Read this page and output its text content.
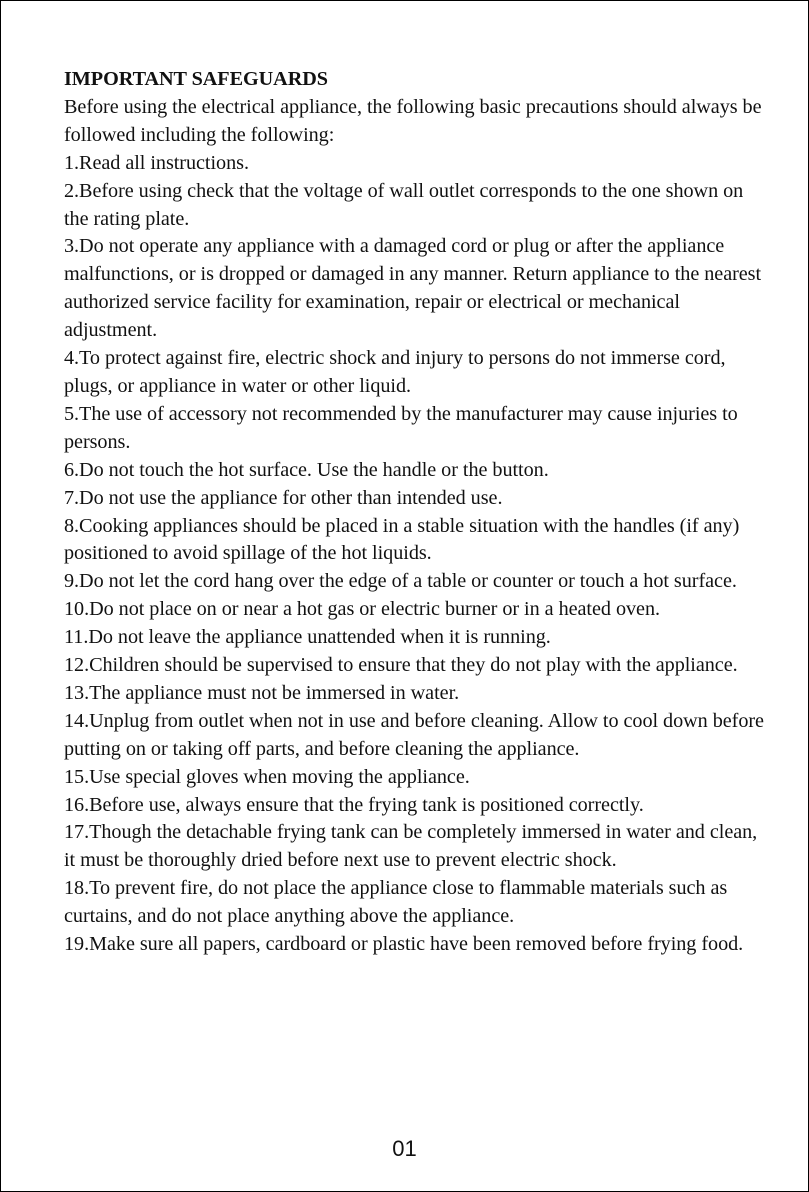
IMPORTANT SAFEGUARDS

Before using the electrical appliance, the following basic precautions should always be followed including the following:

1.Read all instructions.

2.Before using check that the voltage of wall outlet corresponds to the one shown on the rating plate.

3.Do not operate any appliance with a damaged cord or plug or after the appliance malfunctions, or is dropped or damaged in any manner. Return appliance to the nearest authorized service facility for examination, repair or electrical or mechanical adjustment.

4.To protect against fire, electric shock and injury to persons do not immerse cord, plugs, or appliance in water or other liquid.

5.The use of accessory not recommended by the manufacturer may cause injuries to persons.

6.Do not touch the hot surface. Use the handle or the button.

7.Do not use the appliance for other than intended use.

8.Cooking appliances should be placed in a stable situation with the handles (if any) positioned to avoid spillage of the hot liquids.

9.Do not let the cord hang over the edge of a table or counter or touch a hot surface.

10.Do not place on or near a hot gas or electric burner or in a heated oven.

11.Do not leave the appliance unattended when it is running.

12.Children should be supervised to ensure that they do not play with the appliance.

13.The appliance must not be immersed in water.

14.Unplug from outlet when not in use and before cleaning. Allow to cool down before putting on or taking off parts, and before cleaning the appliance.

15.Use special gloves when moving the appliance.

16.Before use, always ensure that the frying tank is positioned correctly.

17.Though the detachable frying tank can be completely immersed in water and clean, it must be thoroughly dried before next use to prevent electric shock.

18.To prevent fire, do not place the appliance close to flammable materials such as curtains, and do not place anything above the appliance.

19.Make sure all papers, cardboard or plastic have been removed before frying food.

01
